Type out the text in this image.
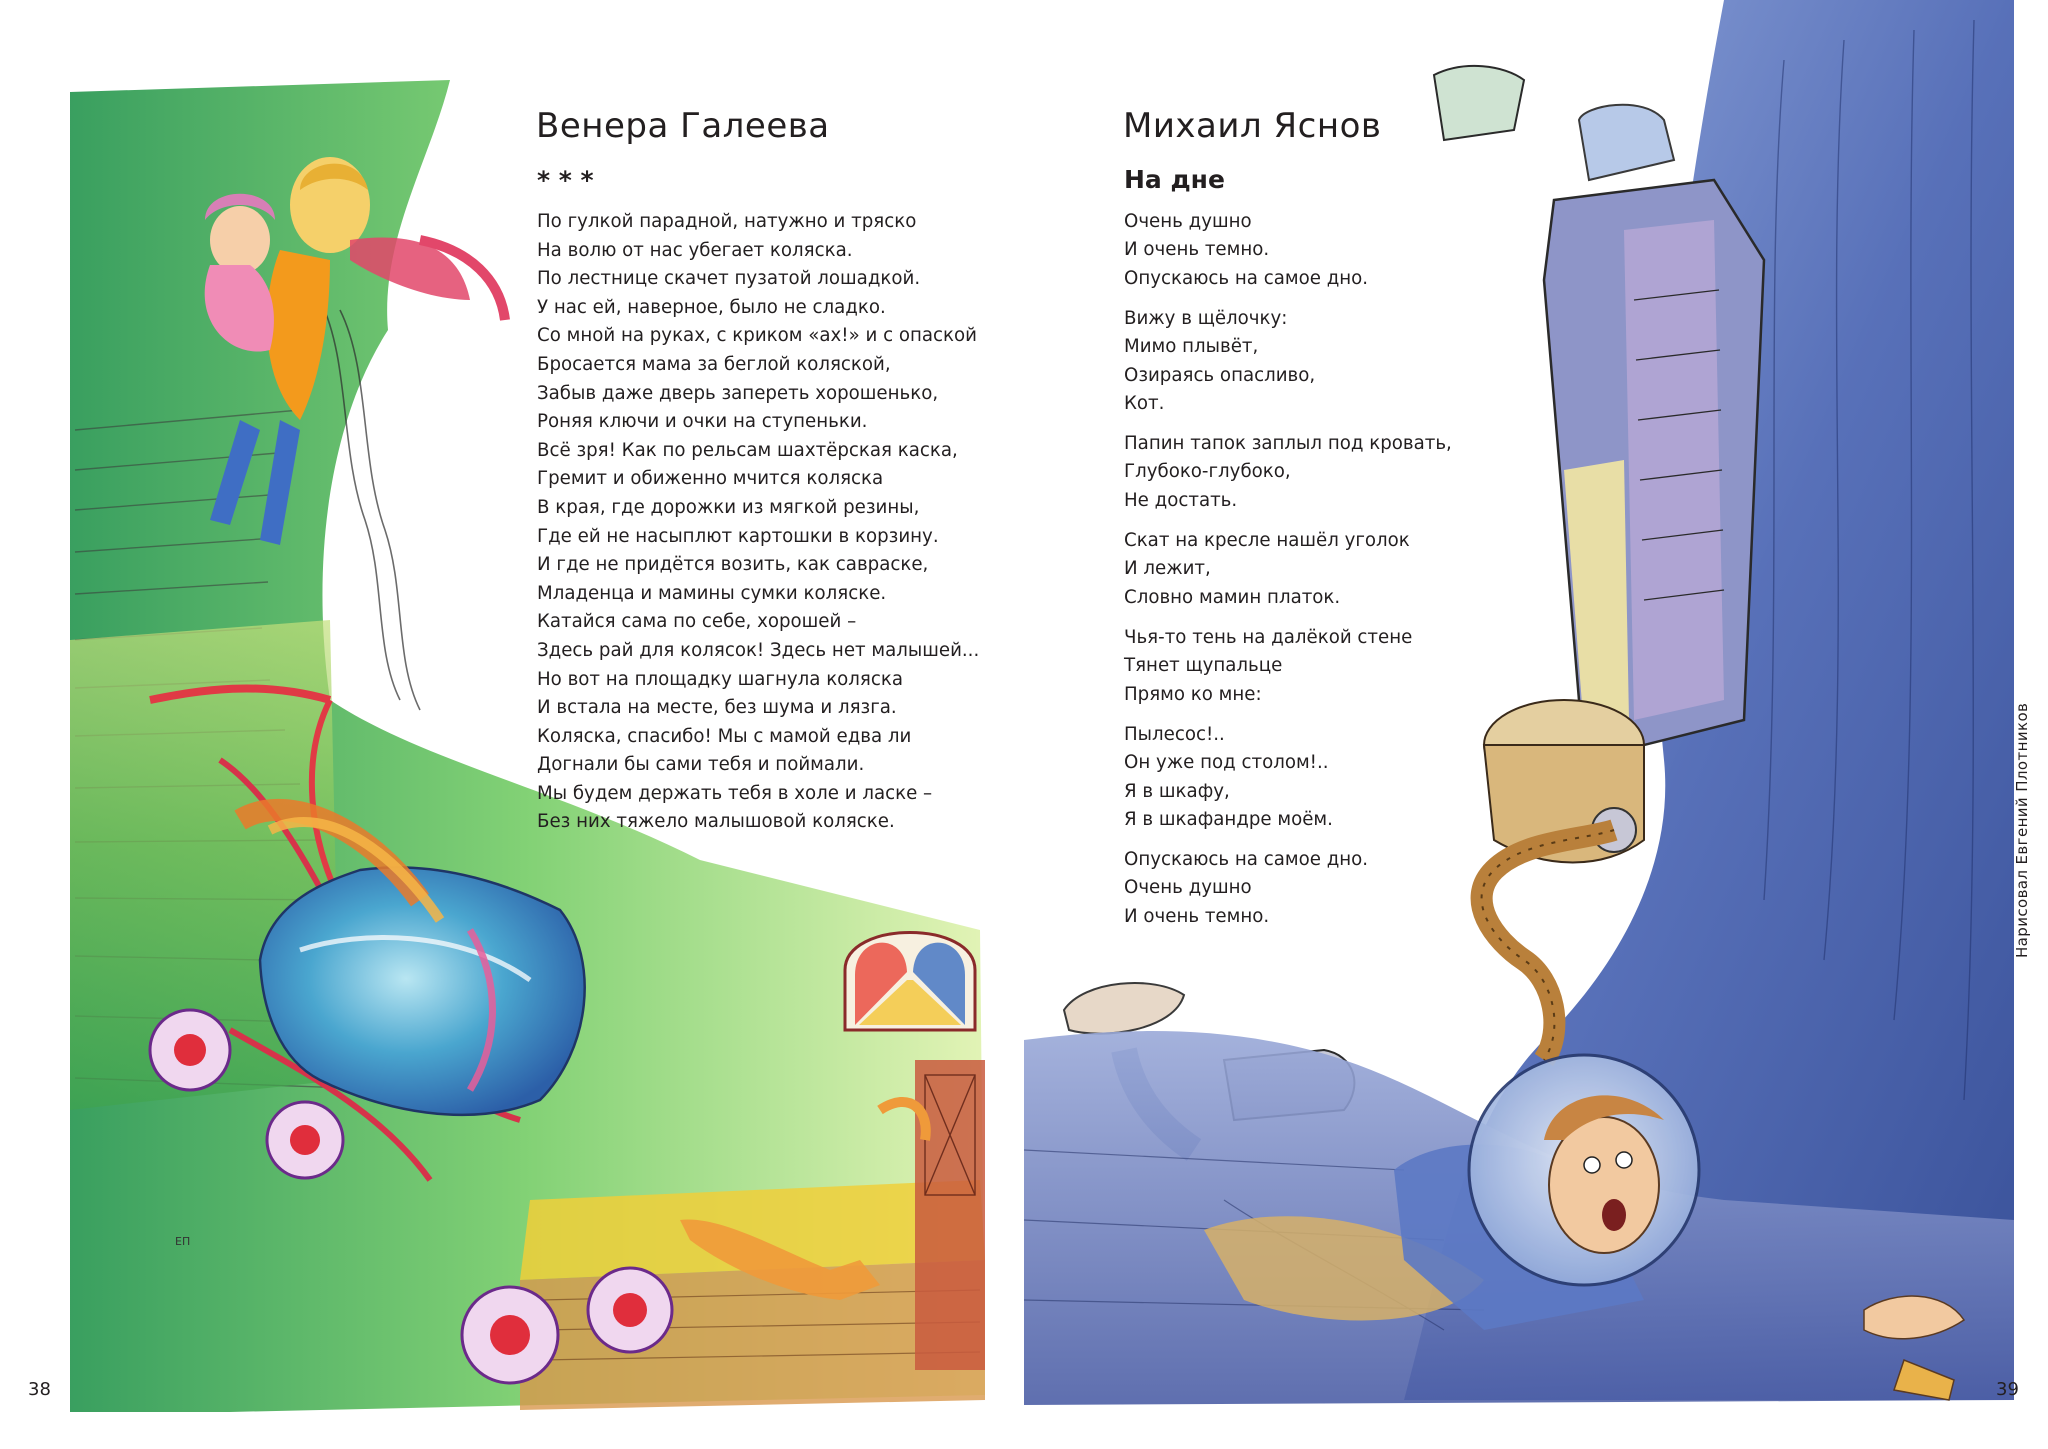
ЕП
Венера Галеева
* * *
По гулкой парадной, натужно и тряско
На волю от нас убегает коляска.
По лестнице скачет пузатой лошадкой.
У нас ей, наверное, было не сладко.
Со мной на руках, с криком «ах!» и с опаской
Бросается мама за беглой коляской,
Забыв даже дверь запереть хорошенько,
Роняя ключи и очки на ступеньки.
Всё зря! Как по рельсам шахтёрская каска,
Гремит и обиженно мчится коляска
В края, где дорожки из мягкой резины,
Где ей не насыплют картошки в корзину.
И где не придётся возить, как савраске,
Младенца и мамины сумки коляске.
Катайся сама по себе, хорошей –
Здесь рай для колясок! Здесь нет малышей...
Но вот на площадку шагнула коляска
И встала на месте, без шума и лязга.
Коляска, спасибо! Мы с мамой едва ли
Догнали бы сами тебя и поймали.
Мы будем держать тебя в холе и ласке –
Без них тяжело малышовой коляске.
38
Михаил Яснов
На дне
Очень душно
И очень темно.
Опускаюсь на самое дно.
Вижу в щёлочку:
Мимо плывёт,
Озираясь опасливо,
Кот.
Папин тапок заплыл под кровать,
Глубоко-глубоко,
Не достать.
Скат на кресле нашёл уголок
И лежит,
Словно мамин платок.
Чья-то тень на далёкой стене
Тянет щупальце
Прямо ко мне:
Пылесос!..
Он уже под столом!..
Я в шкафу,
Я в шкафандре моём.
Опускаюсь на самое дно.
Очень душно
И очень темно.
39
Нарисовал Евгений Плотников
